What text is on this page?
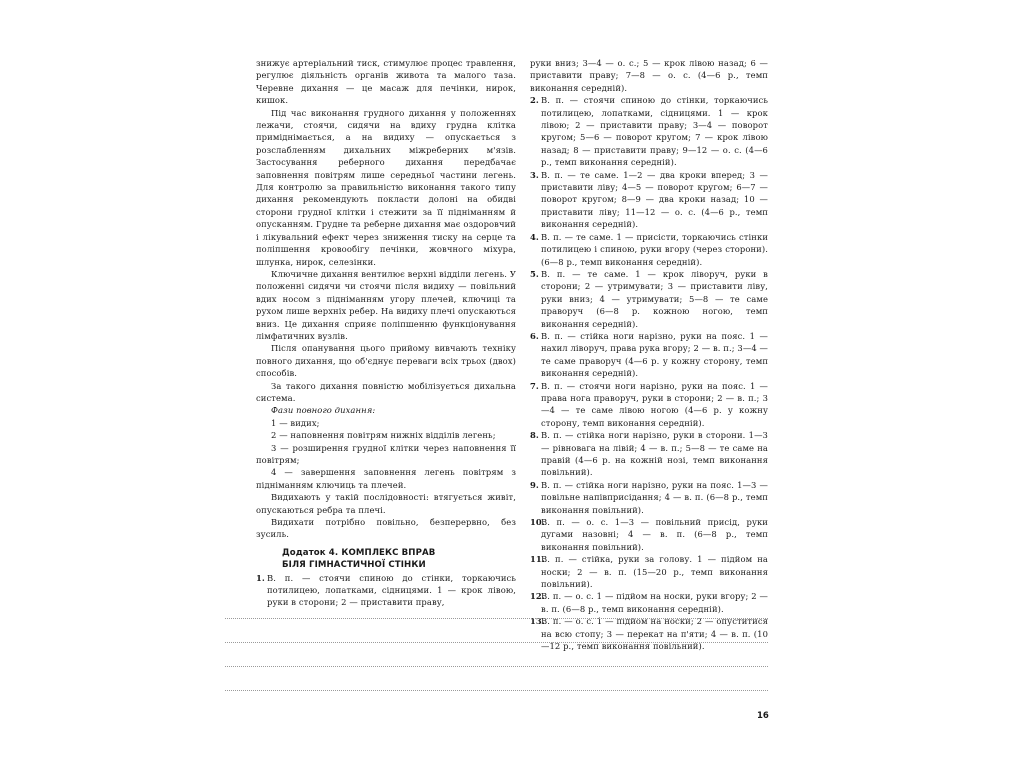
знижує артеріальний тиск, стимулює процес травлення, регулює діяльність органів живота та малого таза. Черевне дихання — це масаж для печінки, нирок, кишок.

Під час виконання грудного дихання у положеннях лежачи, стоячи, сидячи на вдиху грудна клітка приміднімається, а на видиху — опускається з розслабленням дихальних міжреберних м'язів. Застосування реберного дихання передбачає заповнення повітрям лише середньої частини легень. Для контролю за правильністю виконання такого типу дихання рекомендують покласти долоні на обидві сторони грудної клітки і стежити за її підніманням й опусканням. Грудне та реберне дихання має оздоровчий і лікувальний ефект через зниження тиску на серце та поліпшення кровообігу печінки, жовчного міхура, шлунка, нирок, селезінки.

Ключичне дихання вентилює верхні відділи легень. У положенні сидячи чи стоячи після видиху — повільний вдих носом з підніманням угору плечей, ключиці та рухом лише верхніх ребер. На видиху плечі опускаються вниз. Це дихання сприяє поліпшенню функціонування лімфатичних вузлів.

Після опанування цього прийому вивчають техніку повного дихання, що об'єднує переваги всіх трьох (двох) способів.

За такого дихання повністю мобілізується дихальна система.

Фази повного дихання:

1 — видих;

2 — наповнення повітрям нижніх відділів легень;

3 — розширення грудної клітки через наповнення її повітрям;

4 — завершення заповнення легень повітрям з підніманням ключиць та плечей.

Видихають у такій послідовності: втягується живіт, опускаються ребра та плечі.

Видихати потрібно повільно, безперервно, без зусиль.

Додаток 4. КОМПЛЕКС ВПРАВ

БІЛЯ ГІМНАСТИЧНОЇ СТІНКИ

1. В. п. — стоячи спиною до стінки, торкаючись потилицею, лопатками, сідницями. 1 — крок лівою, руки в сторони; 2 — приставити праву,

руки вниз; 3—4 — о. с.; 5 — крок лівою назад; 6 — приставити праву; 7—8 — о. с. (4—6 р., темп виконання середній).

2. В. п. — стоячи спиною до стінки, торкаючись потилицею, лопатками, сідницями. 1 — крок лівою; 2 — приставити праву; 3—4 — поворот кругом; 5—6 — поворот кругом; 7 — крок лівою назад; 8 — приставити праву; 9—12 — о. с. (4—6 р., темп виконання середній).
3. В. п. — те саме. 1—2 — два кроки вперед; 3 — приставити ліву; 4—5 — поворот кругом; 6—7 — поворот кругом; 8—9 — два кроки назад; 10 — приставити ліву; 11—12 — о. с. (4—6 р., темп виконання середній).
4. В. п. — те саме. 1 — присісти, торкаючись стінки потилицею і спиною, руки вгору (через сторони). (6—8 р., темп виконання середній).
5. В. п. — те саме. 1 — крок ліворуч, руки в сторони; 2 — утримувати; 3 — приставити ліву, руки вниз; 4 — утримувати; 5—8 — те саме праворуч (6—8 р. кожною ногою, темп виконання середній).
6. В. п. — стійка ноги нарізно, руки на пояс. 1 — нахил ліворуч, права рука вгору; 2 — в. п.; 3—4 — те саме праворуч (4—6 р. у кожну сторону, темп виконання середній).
7. В. п. — стоячи ноги нарізно, руки на пояс. 1 — права нога праворуч, руки в сторони; 2 — в. п.; 3—4 — те саме лівою ногою (4—6 р. у кожну сторону, темп виконання середній).
8. В. п. — стійка ноги нарізно, руки в сторони. 1—3 — рівновага на лівій; 4 — в. п.; 5—8 — те саме на правій (4—6 р. на кожній нозі, темп виконання повільний).
9. В. п. — стійка ноги нарізно, руки на пояс. 1—3 — повільне напівприсідання; 4 — в. п. (6—8 р., темп виконання повільний).
10.
В. п. — о. с. 1—3 — повільний присід, руки дугами назовні; 4 — в. п. (6—8 р., темп виконання повільний).
11.
В. п. — стійка, руки за голову. 1 — підйом на носки; 2 — в. п. (15—20 р., темп виконання повільний).
12.
В. п. — о. с. 1 — підйом на носки, руки вгору; 2 — в. п. (6—8 р., темп виконання середній).
13.
В. п. — о. с. 1 — підйом на носки; 2 — опуститися на всю стопу; 3 — перекат на п'яти; 4 — в. п. (10—12 р., темп виконання повільний).
16
